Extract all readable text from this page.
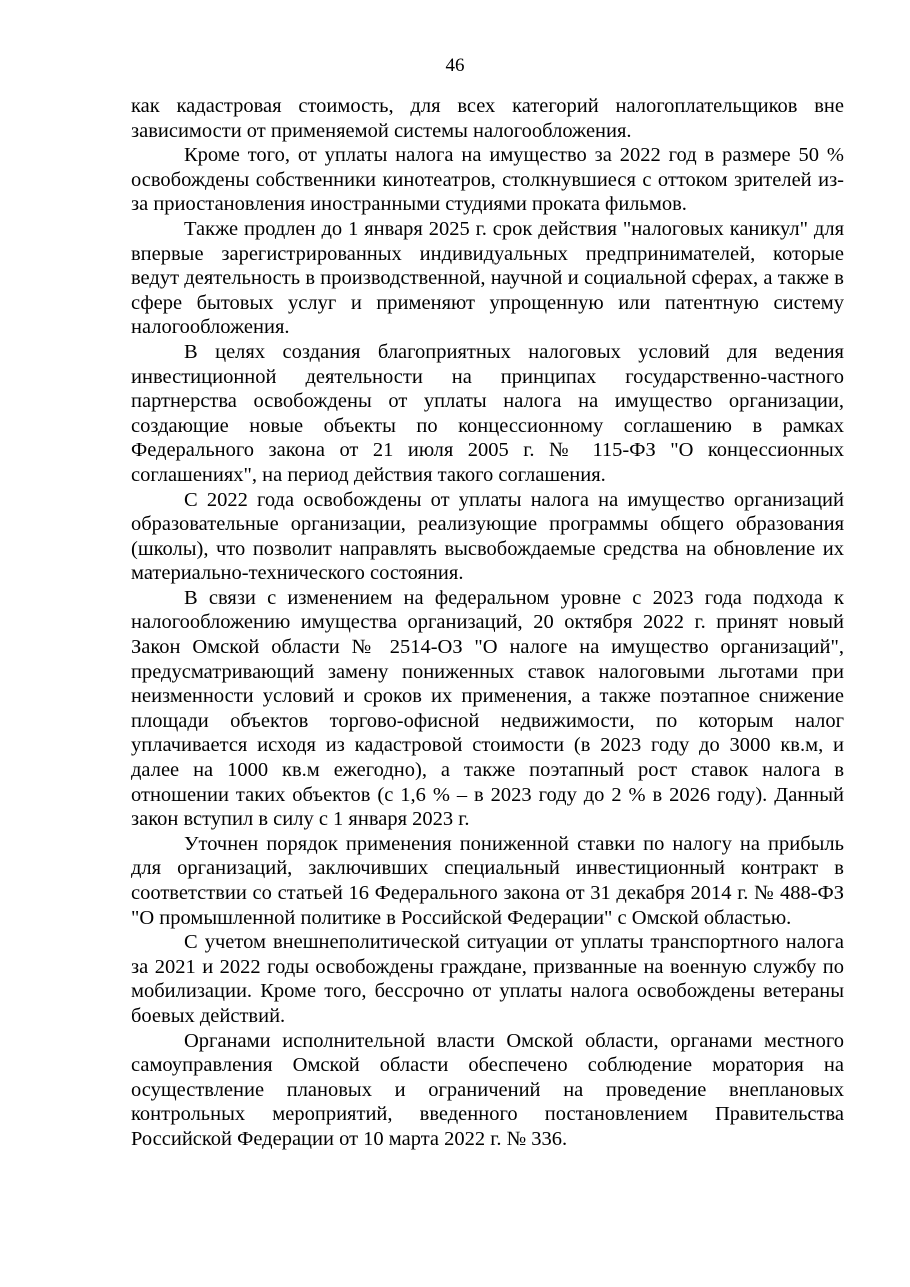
46

как кадастровая стоимость, для всех категорий налогоплательщиков вне зависимости от применяемой системы налогообложения.

Кроме того, от уплаты налога на имущество за 2022 год в размере 50 % освобождены собственники кинотеатров, столкнувшиеся с оттоком зрителей из-за приостановления иностранными студиями проката фильмов.

Также продлен до 1 января 2025 г. срок действия "налоговых каникул" для впервые зарегистрированных индивидуальных предпринимателей, которые ведут деятельность в производственной, научной и социальной сферах, а также в сфере бытовых услуг и применяют упрощенную или патентную систему налогообложения.

В целях создания благоприятных налоговых условий для ведения инвестиционной деятельности на принципах государственно-частного партнерства освобождены от уплаты налога на имущество организации, создающие новые объекты по концессионному соглашению в рамках Федерального закона от 21 июля 2005 г. № 115-ФЗ "О концессионных соглашениях", на период действия такого соглашения.

С 2022 года освобождены от уплаты налога на имущество организаций образовательные организации, реализующие программы общего образования (школы), что позволит направлять высвобождаемые средства на обновление их материально-технического состояния.

В связи с изменением на федеральном уровне с 2023 года подхода к налогообложению имущества организаций, 20 октября 2022 г. принят новый Закон Омской области № 2514-ОЗ "О налоге на имущество организаций", предусматривающий замену пониженных ставок налоговыми льготами при неизменности условий и сроков их применения, а также поэтапное снижение площади объектов торгово-офисной недвижимости, по которым налог уплачивается исходя из кадастровой стоимости (в 2023 году до 3000 кв.м, и далее на 1000 кв.м ежегодно), а также поэтапный рост ставок налога в отношении таких объектов (с 1,6 % – в 2023 году до 2 % в 2026 году). Данный закон вступил в силу с 1 января 2023 г.

Уточнен порядок применения пониженной ставки по налогу на прибыль для организаций, заключивших специальный инвестиционный контракт в соответствии со статьей 16 Федерального закона от 31 декабря 2014 г. № 488-ФЗ "О промышленной политике в Российской Федерации" с Омской областью.

С учетом внешнеполитической ситуации от уплаты транспортного налога за 2021 и 2022 годы освобождены граждане, призванные на военную службу по мобилизации. Кроме того, бессрочно от уплаты налога освобождены ветераны боевых действий.

Органами исполнительной власти Омской области, органами местного самоуправления Омской области обеспечено соблюдение моратория на осуществление плановых и ограничений на проведение внеплановых контрольных мероприятий, введенного постановлением Правительства Российской Федерации от 10 марта 2022 г. № 336.
